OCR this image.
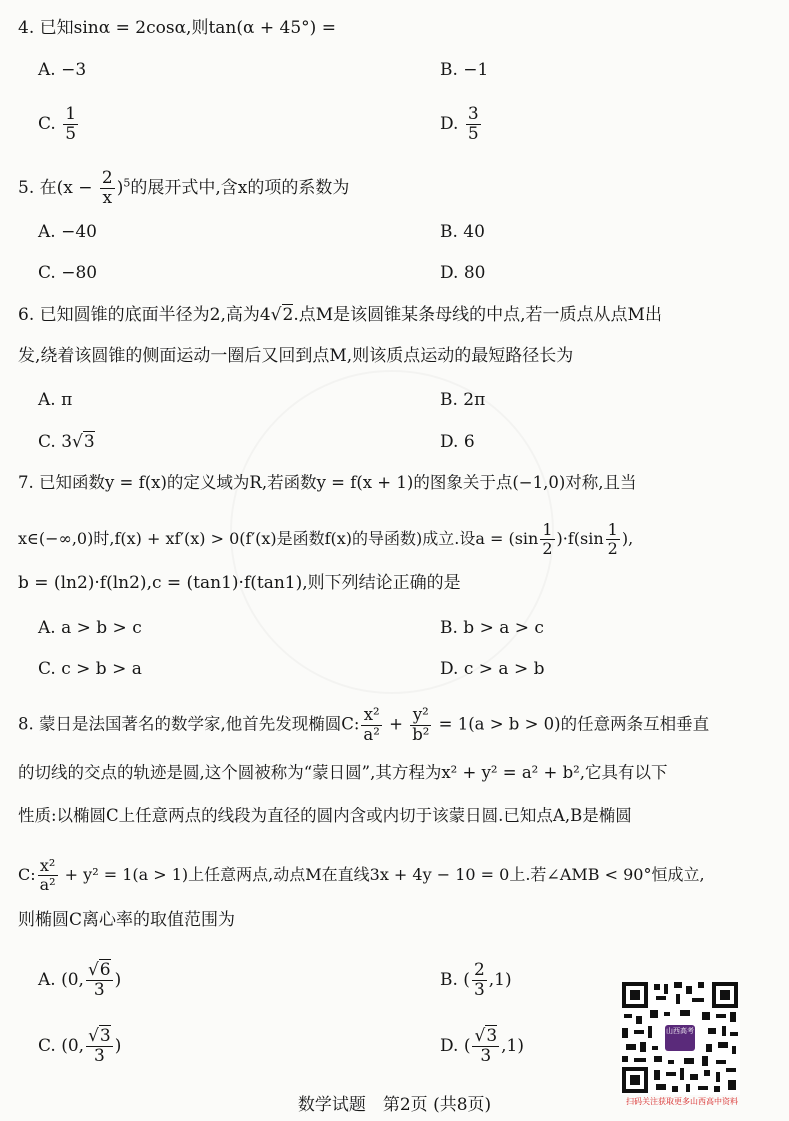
4. 已知sinα = 2cosα,则tan(α + 45°) =
A. −3	B. −1
C. $\frac{1}{5}$	D. $\frac{3}{5}$
5. 在$(x - \frac{2}{x} )^5$的展开式中,含x的项的系数为
A. −40	B. 40
C. −80	D. 80
6. 已知圆锥的底面半径为2,高为4√2.点M是该圆锥某条母线的中点,若一质点从点M出
发,绕着该圆锥的侧面运动一圈后又回到点M,则该质点运动的最短路径长为
A. π	B. 2π
C. 3√3	D. 6
7. 已知函数y = f(x)的定义域为R,若函数y = f(x + 1)的图象关于点(−1,0)对称,且当
x∈(−∞,0)时,f(x) + xf′(x) > 0(f′(x)是函数f(x)的导函数)成立.设$a = (\sin \frac{1}{2} )\cdot f(\sin \frac{1}{2}$ ),
b = (ln2)·f(ln2),c = (tan1)·f(tan1),则下列结论正确的是
A. a > b > c	B. b > a > c
C. c > b > a	D. c > a > b
8. 蒙日是法国著名的数学家,他首先发现椭圆C: $\frac{\text{x²}}{\text{a²}} + \frac{\text{y²}}{\text{b²}} = 1(a > b > 0)$的任意两条互相垂直
的切线的交点的轨迹是圆,这个圆被称为“蒙日圆”,其方程为x² + y² = a² + b²,它具有以下
性质:以椭圆C上任意两点的线段为直径的圆内含或内切于该蒙日圆.已知点A,B是椭圆
C: $\frac{\text{x²}}{\text{a²}} + y^2 = 1(a > 1)$上任意两点,动点M在直线3x + 4y − 10 = 0上.若∠AMB < 90°恒成立,
则椭圆C离心率的取值范围为
A. (0, $\frac{√6}{3}$ )	B. ( $\frac{2}{3} ,1$)
C. (0, $\frac{√3}{3}$ )	D. ( $\frac{√3}{3} ,1$)
山西高考
扫码关注获取更多山西高中资料
数学试题　第2页 (共8页)
